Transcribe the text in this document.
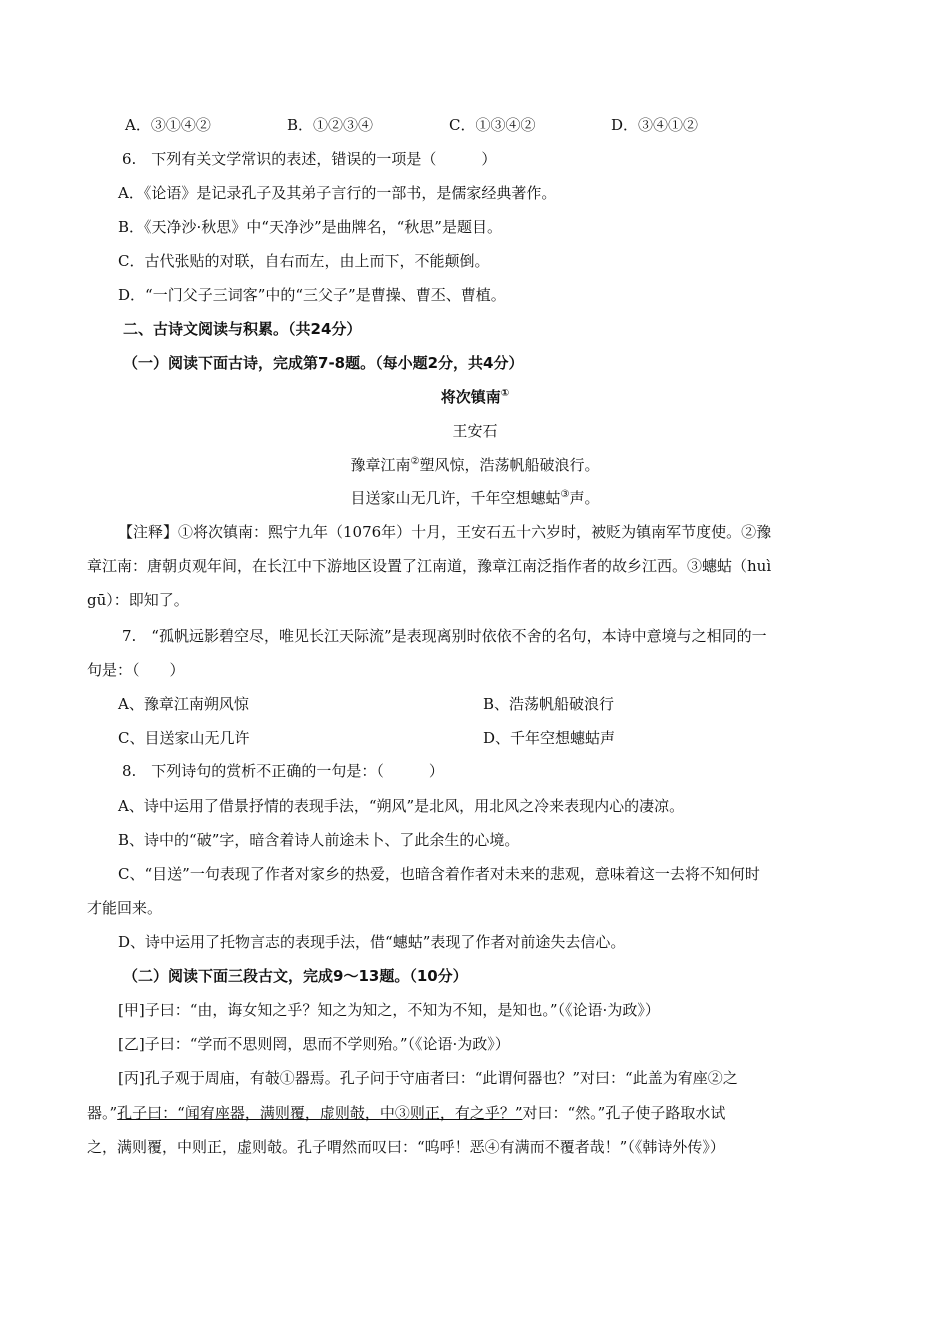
A．③①④②	B．①②③④	C．①③④②	D．③④①②
6.　下列有关文学常识的表述，错误的一项是（　　　）
A．《论语》是记录孔子及其弟子言行的一部书，是儒家经典著作。
B．《天净沙·秋思》中“天净沙”是曲牌名，“秋思”是题目。
C．古代张贴的对联，自右而左，由上而下，不能颠倒。
D．“一门父子三词客”中的“三父子”是曹操、曹丕、曹植。
二、古诗文阅读与积累。（共24分）
（一）阅读下面古诗，完成第7-8题。（每小题2分，共4分）
将次镇南①
王安石
豫章江南②塑风惊，浩荡帆船破浪行。
目送家山无几许，千年空想蟪蛄③声。
【注释】①将次镇南：熙宁九年（1076年）十月，王安石五十六岁时，被贬为镇南军节度使。②豫
章江南：唐朝贞观年间，在长江中下游地区设置了江南道，豫章江南泛指作者的故乡江西。③蟪蛄（huì
gū）：即知了。
7.　“孤帆远影碧空尽，唯见长江天际流”是表现离别时依依不舍的名句，本诗中意境与之相同的一
句是：（　　）
A、豫章江南朔风惊	B、浩荡帆船破浪行
C、目送家山无几许	D、千年空想蟪蛄声
8.　下列诗句的赏析不正确的一句是：（　　　）
A、诗中运用了借景抒情的表现手法，“朔风”是北风，用北风之冷来表现内心的凄凉。
B、诗中的“破”字，暗含着诗人前途未卜、了此余生的心境。
C、“目送”一句表现了作者对家乡的热爱，也暗含着作者对未来的悲观，意味着这一去将不知何时
才能回来。
D、诗中运用了托物言志的表现手法，借“蟪蛄”表现了作者对前途失去信心。
（二）阅读下面三段古文，完成9～13题。（10分）
[甲]子曰：“由，诲女知之乎？知之为知之，不知为不知，是知也。”（《论语·为政》）
[乙]子曰：“学而不思则罔，思而不学则殆。”（《论语·为政》）
[丙]孔子观于周庙，有攲①器焉。孔子问于守庙者曰：“此谓何器也？”对曰：“此盖为宥座②之
器。”孔子曰：“闻宥座器，满则覆，虚则攲，中③则正，有之乎？”对曰：“然。”孔子使子路取水试
之，满则覆，中则正，虚则攲。孔子喟然而叹曰：“呜呼！恶④有满而不覆者哉！”（《韩诗外传》）
